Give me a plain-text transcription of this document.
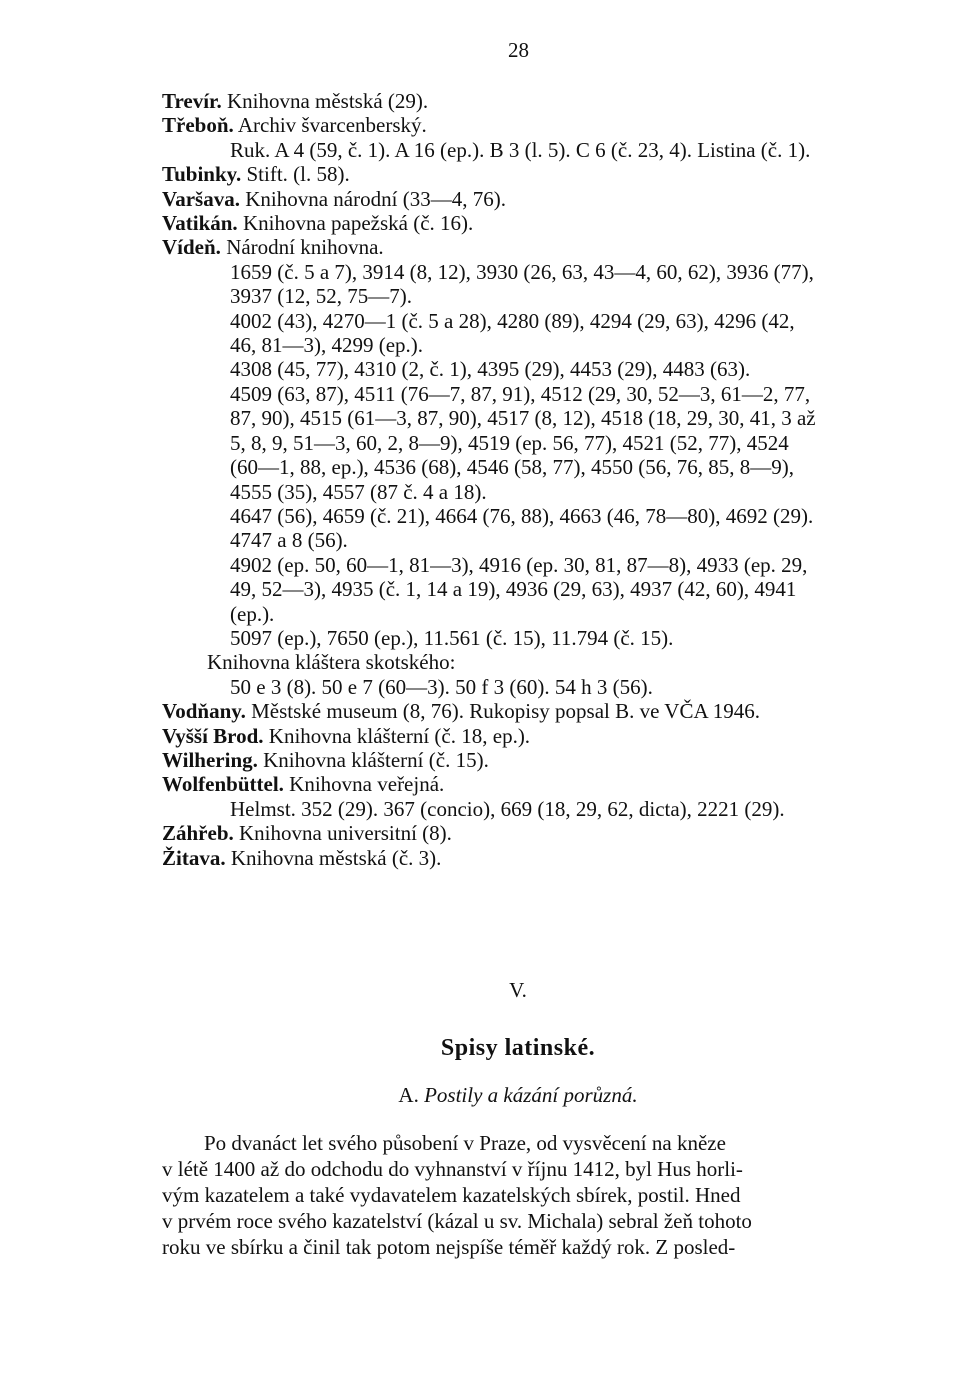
28
Trevír. Knihovna městská (29).
Třeboň. Archiv švarcenberský.
Ruk. A 4 (59, č. 1). A 16 (ep.). B 3 (l. 5). C 6 (č. 23, 4). Listina (č. 1).
Tubinky. Stift. (l. 58).
Varšava. Knihovna národní (33—4, 76).
Vatikán. Knihovna papežská (č. 16).
Vídeň. Národní knihovna.
1659 (č. 5 a 7), 3914 (8, 12), 3930 (26, 63, 43—4, 60, 62), 3936 (77),
3937 (12, 52, 75—7).
4002 (43), 4270—1 (č. 5 a 28), 4280 (89), 4294 (29, 63), 4296 (42,
46, 81—3), 4299 (ep.).
4308 (45, 77), 4310 (2, č. 1), 4395 (29), 4453 (29), 4483 (63).
4509 (63, 87), 4511 (76—7, 87, 91), 4512 (29, 30, 52—3, 61—2, 77,
87, 90), 4515 (61—3, 87, 90), 4517 (8, 12), 4518 (18, 29, 30, 41, 3 až
5, 8, 9, 51—3, 60, 2, 8—9), 4519 (ep. 56, 77), 4521 (52, 77), 4524
(60—1, 88, ep.), 4536 (68), 4546 (58, 77), 4550 (56, 76, 85, 8—9),
4555 (35), 4557 (87 č. 4 a 18).
4647 (56), 4659 (č. 21), 4664 (76, 88), 4663 (46, 78—80), 4692 (29).
4747 a 8 (56).
4902 (ep. 50, 60—1, 81—3), 4916 (ep. 30, 81, 87—8), 4933 (ep. 29,
49, 52—3), 4935 (č. 1, 14 a 19), 4936 (29, 63), 4937 (42, 60), 4941
(ep.).
5097 (ep.), 7650 (ep.), 11.561 (č. 15), 11.794 (č. 15).
Knihovna kláštera skotského:
50 e 3 (8). 50 e 7 (60—3). 50 f 3 (60). 54 h 3 (56).
Vodňany. Městské museum (8, 76). Rukopisy popsal B. ve VČA 1946.
Vyšší Brod. Knihovna klášterní (č. 18, ep.).
Wilhering. Knihovna klášterní (č. 15).
Wolfenbüttel. Knihovna veřejná.
Helmst. 352 (29). 367 (concio), 669 (18, 29, 62, dicta), 2221 (29).
Záhřeb. Knihovna universitní (8).
Žitava. Knihovna městská (č. 3).
V.
Spisy latinské.
A. Postily a kázání porůzná.
Po dvanáct let svého působení v Praze, od vysvěcení na kněze
v létě 1400 až do odchodu do vyhnanství v říjnu 1412, byl Hus horli-
vým kazatelem a také vydavatelem kazatelských sbírek, postil. Hned
v prvém roce svého kazatelství (kázal u sv. Michala) sebral žeň tohoto
roku ve sbírku a činil tak potom nejspíše téměř každý rok. Z posled-
